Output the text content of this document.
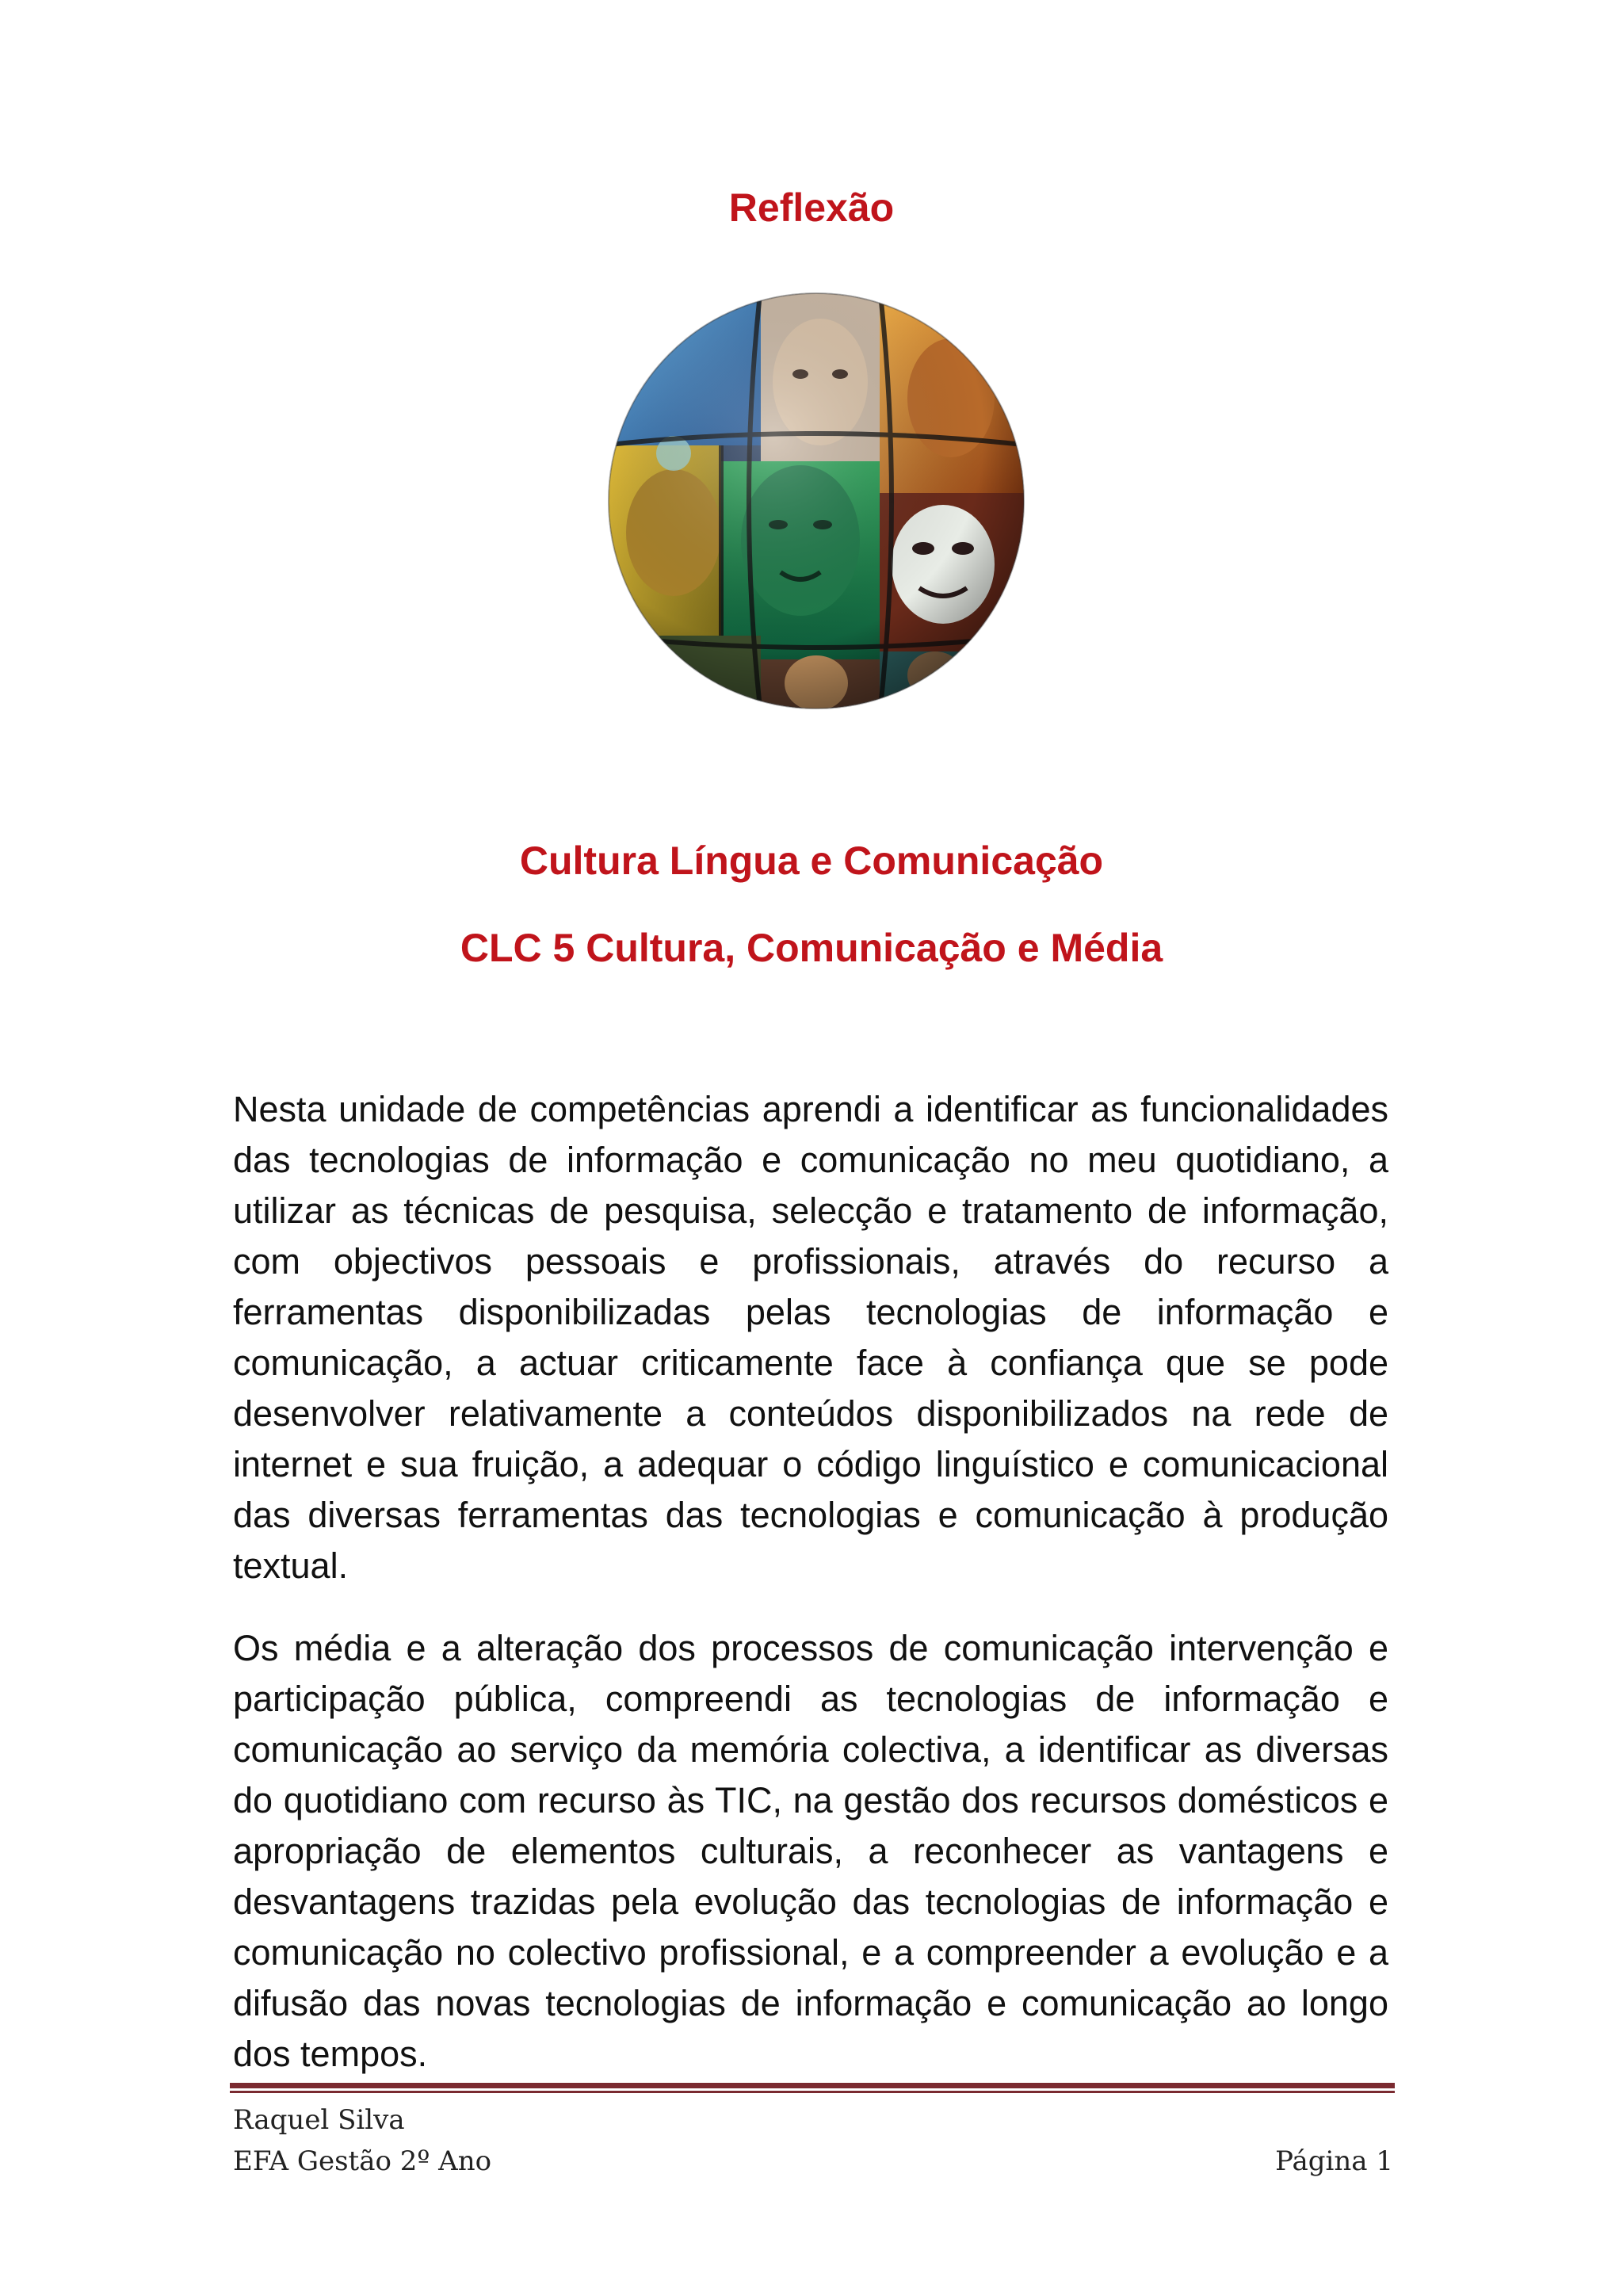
Reflexão
Cultura Língua e Comunicação
CLC 5 Cultura, Comunicação e Média

Nesta unidade de competências aprendi a identificar as funcionalidades das tecnologias de informação e comunicação no meu quotidiano, a utilizar as técnicas de pesquisa, selecção e tratamento de informação, com objectivos pessoais e profissionais, através do recurso a ferramentas disponibilizadas pelas tecnologias de informação e comunicação, a actuar criticamente face à confiança que se pode desenvolver relativamente a conteúdos disponibilizados na rede de internet e sua fruição, a adequar o código linguístico e comunicacional das diversas ferramentas das tecnologias e comunicação à produção textual.

Os média e a alteração dos processos de comunicação intervenção e participação pública, compreendi as tecnologias de informação e comunicação ao serviço da memória colectiva, a identificar as diversas do quotidiano com recurso às TIC, na gestão dos recursos domésticos e apropriação de elementos culturais, a reconhecer as vantagens e desvantagens trazidas pela evolução das tecnologias de informação e comunicação no colectivo profissional, e a compreender a evolução e a difusão das novas tecnologias de informação e comunicação ao longo dos tempos.

Raquel Silva
EFA Gestão 2º Ano	Página 1
